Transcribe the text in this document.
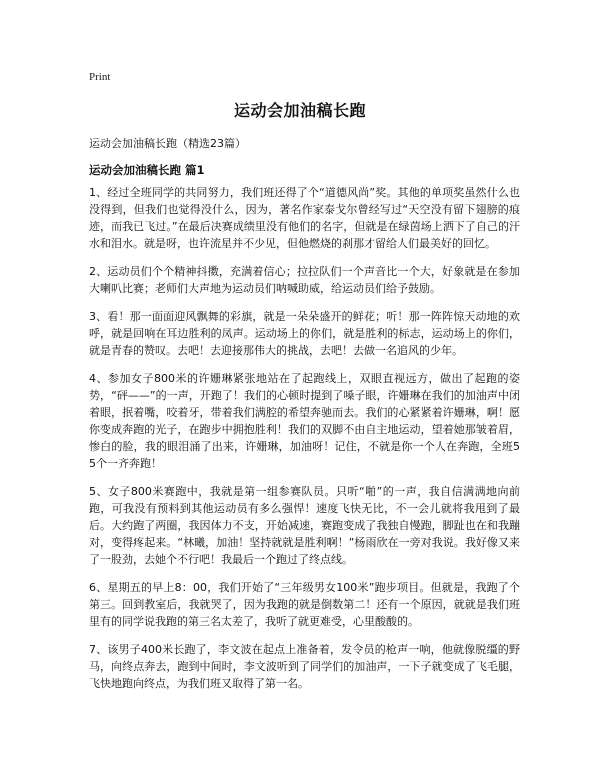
Print
运动会加油稿长跑
运动会加油稿长跑（精选23篇）
运动会加油稿长跑 篇1

1、经过全班同学的共同努力，我们班还得了个“道德风尚”奖。其他的单项奖虽然什么也没得到，但我们也觉得没什么，因为，著名作家泰戈尔曾经写过“天空没有留下翅膀的痕迹，而我已飞过。”在最后决赛成绩里没有他们的名字，但就是在绿茵场上洒下了自己的汗水和泪水。就是呀，也许流星并不少见，但他燃烧的刹那才留给人们最美好的回忆。

2、运动员们个个精神抖擞，充满着信心；拉拉队们一个声音比一个大，好象就是在参加大喇叭比赛；老师们大声地为运动员们呐喊助威，给运动员们给予鼓励。

3、看！那一面面迎风飘舞的彩旗，就是一朵朵盛开的鲜花；听！那一阵阵惊天动地的欢呼，就是回响在耳边胜利的凤声。运动场上的你们，就是胜利的标志，运动场上的你们，就是青春的赞叹。去吧！去迎接那伟大的挑战，去吧！去做一名追风的少年。

4、参加女子800米的许姗琳紧张地站在了起跑线上，双眼直视远方，做出了起跑的姿势，“砰——”的一声，开跑了！我们的心顿时提到了嗓子眼，许姗琳在我们的加油声中闭着眼，抿着嘴，咬着牙，带着我们满腔的希望奔驰而去。我们的心紧紧着许姗琳，啊！愿你变成奔跑的光子，在跑步中拥抱胜利！我们的双脚不由自主地运动，望着她那皱着眉，惨白的脸，我的眼泪涌了出来，许姗琳，加油呀！记住，不就是你一个人在奔跑，全班55个一齐奔跑！

5、女子800米赛跑中，我就是第一组参赛队员。只听“啪”的一声，我自信满满地向前跑，可我没有预料到其他运动员有多么强悍！速度飞快无比，不一会儿就将我甩到了最后。大约跑了两圈，我因体力不支，开始减速，赛跑变成了我独自慢跑，脚趾也在和我蹦对，变得疼起来。“林曦，加油！坚持就就是胜利啊！”杨雨欣在一旁对我说。我好像又来了一股劲，去她个不行吧！我最后一个跑过了终点线。

6、星期五的早上8：00，我们开始了“三年级男女100米”跑步项目。但就是，我跑了个第三。回到教室后，我就哭了，因为我跑的就是倒数第二！还有一个原因，就就是我们班里有的同学说我跑的第三名太差了，我听了就更难受，心里酸酸的。

7、该男子400米长跑了，李文波在起点上准备着，发令员的枪声一响，他就像脱缰的野马，向终点奔去，跑到中间时，李文波听到了同学们的加油声，一下子就变成了飞毛腿，飞快地跑向终点，为我们班又取得了第一名。
